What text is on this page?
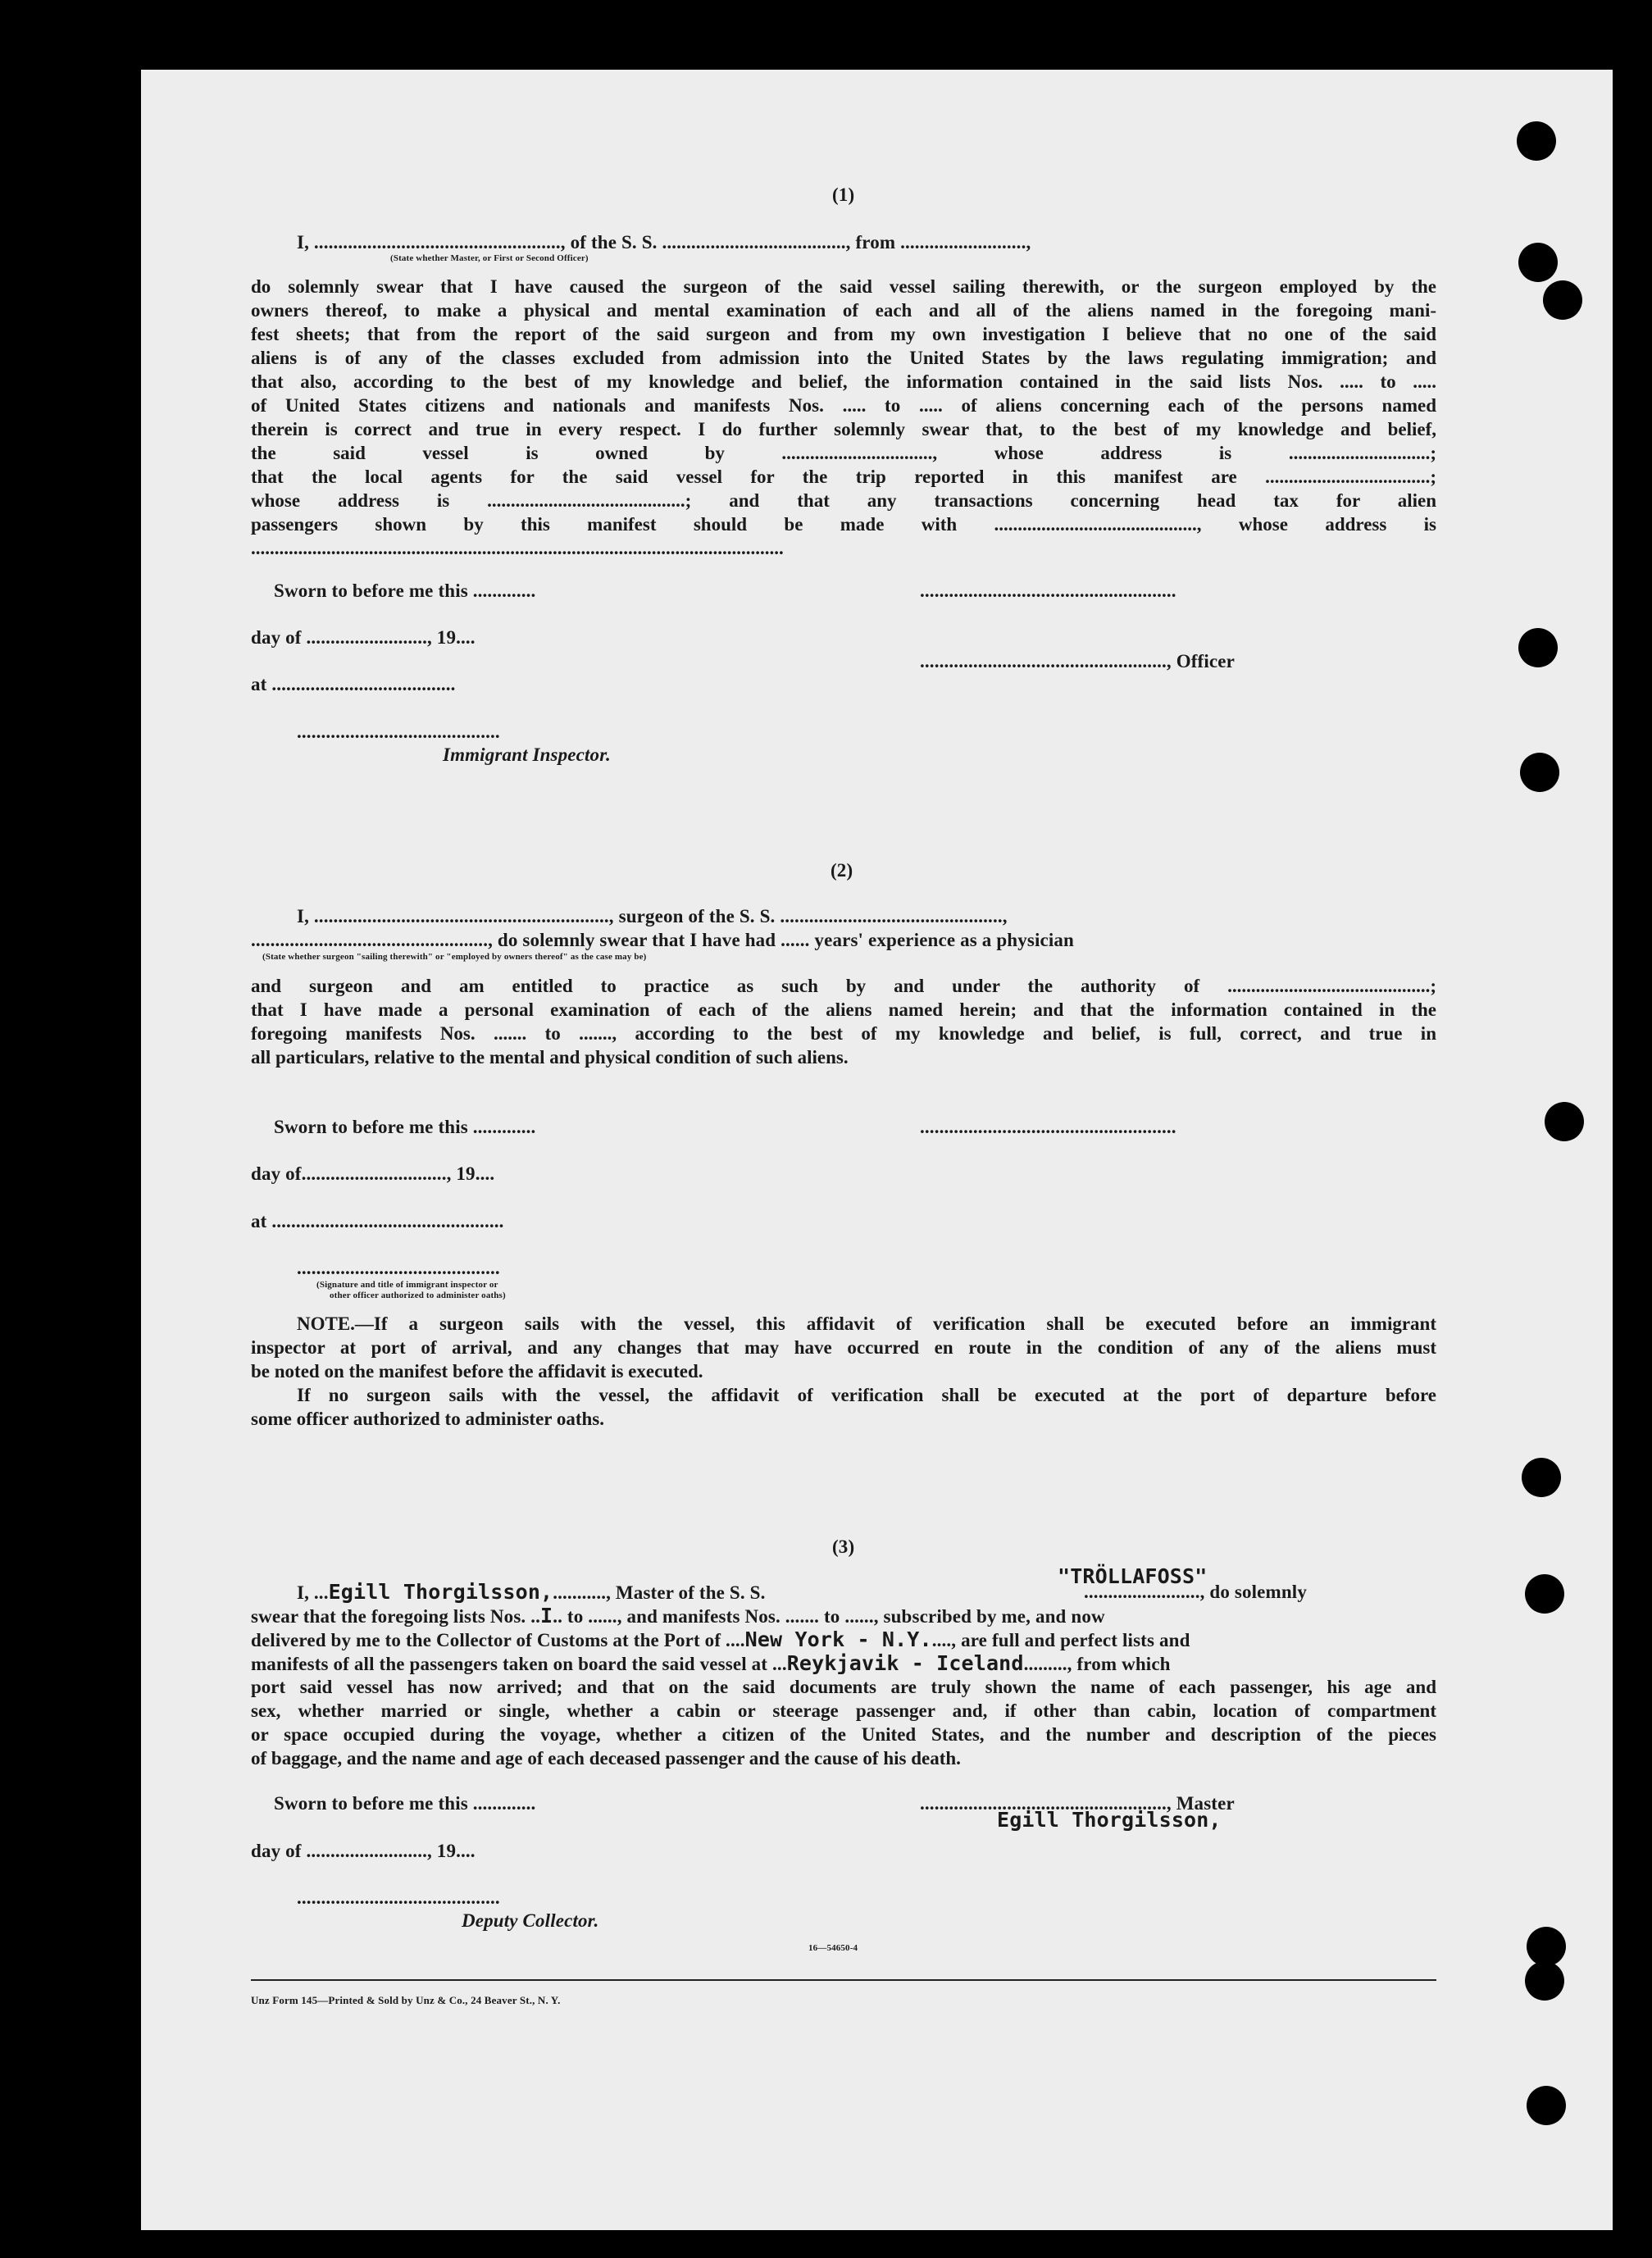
(1)
I, ..................................................., of the S. S. ......................................, from ..........................,
(State whether Master, or First or Second Officer)
do solemnly swear that I have caused the surgeon of the said vessel sailing therewith, or the surgeon employed by the
owners thereof, to make a physical and mental examination of each and all of the aliens named in the foregoing mani-
fest sheets; that from the report of the said surgeon and from my own investigation I believe that no one of the said
aliens is of any of the classes excluded from admission into the United States by the laws regulating immigration; and
that also, according to the best of my knowledge and belief, the information contained in the said lists Nos. ..... to .....
of United States citizens and nationals and manifests Nos. ..... to ..... of aliens concerning each of the persons named
therein is correct and true in every respect. I do further solemnly swear that, to the best of my knowledge and belief,
the said vessel is owned by ................................, whose address is ..............................;
that the local agents for the said vessel for the trip reported in this manifest are ...................................;
whose address is ..........................................; and that any transactions concerning head tax for alien
passengers shown by this manifest should be made with ..........................................., whose address is
.................................................................................................................
Sworn to before me this .............
day of ........................., 19....
at ......................................
..........................................
Immigrant Inspector.
.....................................................
..................................................., Officer
(2)
I, ............................................................., surgeon of the S. S. ..............................................,
................................................., do solemnly swear that I have had ...... years' experience as a physician
(State whether surgeon "sailing therewith" or "employed by owners thereof" as the case may be)
and surgeon and am entitled to practice as such by and under the authority of ...........................................;
that I have made a personal examination of each of the aliens named herein; and that the information contained in the
foregoing manifests Nos. ....... to ......., according to the best of my knowledge and belief, is full, correct, and true in
all particulars, relative to the mental and physical condition of such aliens.
Sworn to before me this .............
day of.............................., 19....
at ................................................
.....................................................
..........................................
(Signature and title of immigrant inspector or
other officer authorized to administer oaths)
NOTE.—If a surgeon sails with the vessel, this affidavit of verification shall be executed before an immigrant
inspector at port of arrival, and any changes that may have occurred en route in the condition of any of the aliens must
be noted on the manifest before the affidavit is executed.
If no surgeon sails with the vessel, the affidavit of verification shall be executed at the port of departure before
some officer authorized to administer oaths.
(3)
I, ...Egill Thorgilsson,..........., Master of the S. S.
"TRÖLLAFOSS"
........................, do solemnly
swear that the foregoing lists Nos. ..I.. to ......, and manifests Nos. ....... to ......, subscribed by me, and now
delivered by me to the Collector of Customs at the Port of ....New York - N.Y....., are full and perfect lists and
manifests of all the passengers taken on board the said vessel at ...Reykjavik - Iceland........., from which
port said vessel has now arrived; and that on the said documents are truly shown the name of each passenger, his age and
sex, whether married or single, whether a cabin or steerage passenger and, if other than cabin, location of compartment
or space occupied during the voyage, whether a citizen of the United States, and the number and description of the pieces
of baggage, and the name and age of each deceased passenger and the cause of his death.
Sworn to before me this .............
day of ........................., 19....
..........................................
Deputy Collector.
..................................................., Master
Egill Thorgilsson,
16—54650-4
Unz Form 145—Printed & Sold by Unz & Co., 24 Beaver St., N. Y.
